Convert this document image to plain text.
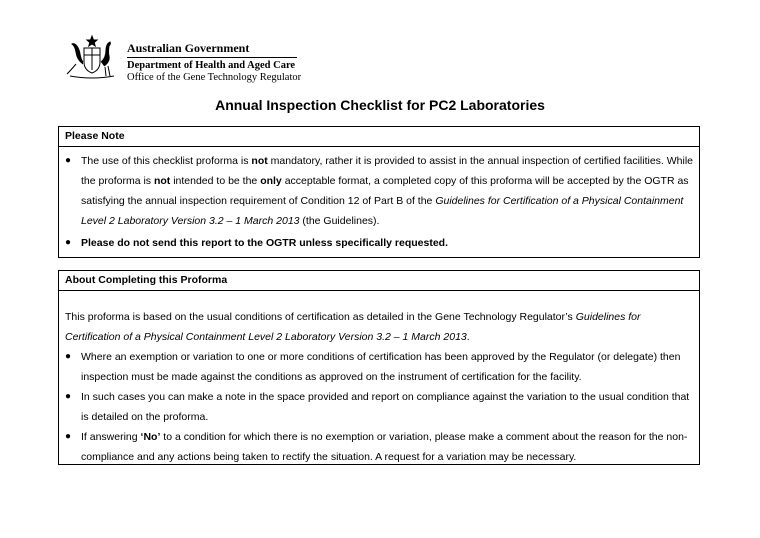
Australian Government
Department of Health and Aged Care
Office of the Gene Technology Regulator
Annual Inspection Checklist for PC2 Laboratories
Please Note
● The use of this checklist proforma is not mandatory, rather it is provided to assist in the annual inspection of certified facilities. While the proforma is not intended to be the only acceptable format, a completed copy of this proforma will be accepted by the OGTR as satisfying the annual inspection requirement of Condition 12 of Part B of the Guidelines for Certification of a Physical Containment Level 2 Laboratory Version 3.2 – 1 March 2013 (the Guidelines).
● Please do not send this report to the OGTR unless specifically requested.
About Completing this Proforma
This proforma is based on the usual conditions of certification as detailed in the Gene Technology Regulator’s Guidelines for Certification of a Physical Containment Level 2 Laboratory Version 3.2 – 1 March 2013.
● Where an exemption or variation to one or more conditions of certification has been approved by the Regulator (or delegate) then inspection must be made against the conditions as approved on the instrument of certification for the facility.
● In such cases you can make a note in the space provided and report on compliance against the variation to the usual condition that is detailed on the proforma.
● If answering ‘No’ to a condition for which there is no exemption or variation, please make a comment about the reason for the non-compliance and any actions being taken to rectify the situation. A request for a variation may be necessary.
